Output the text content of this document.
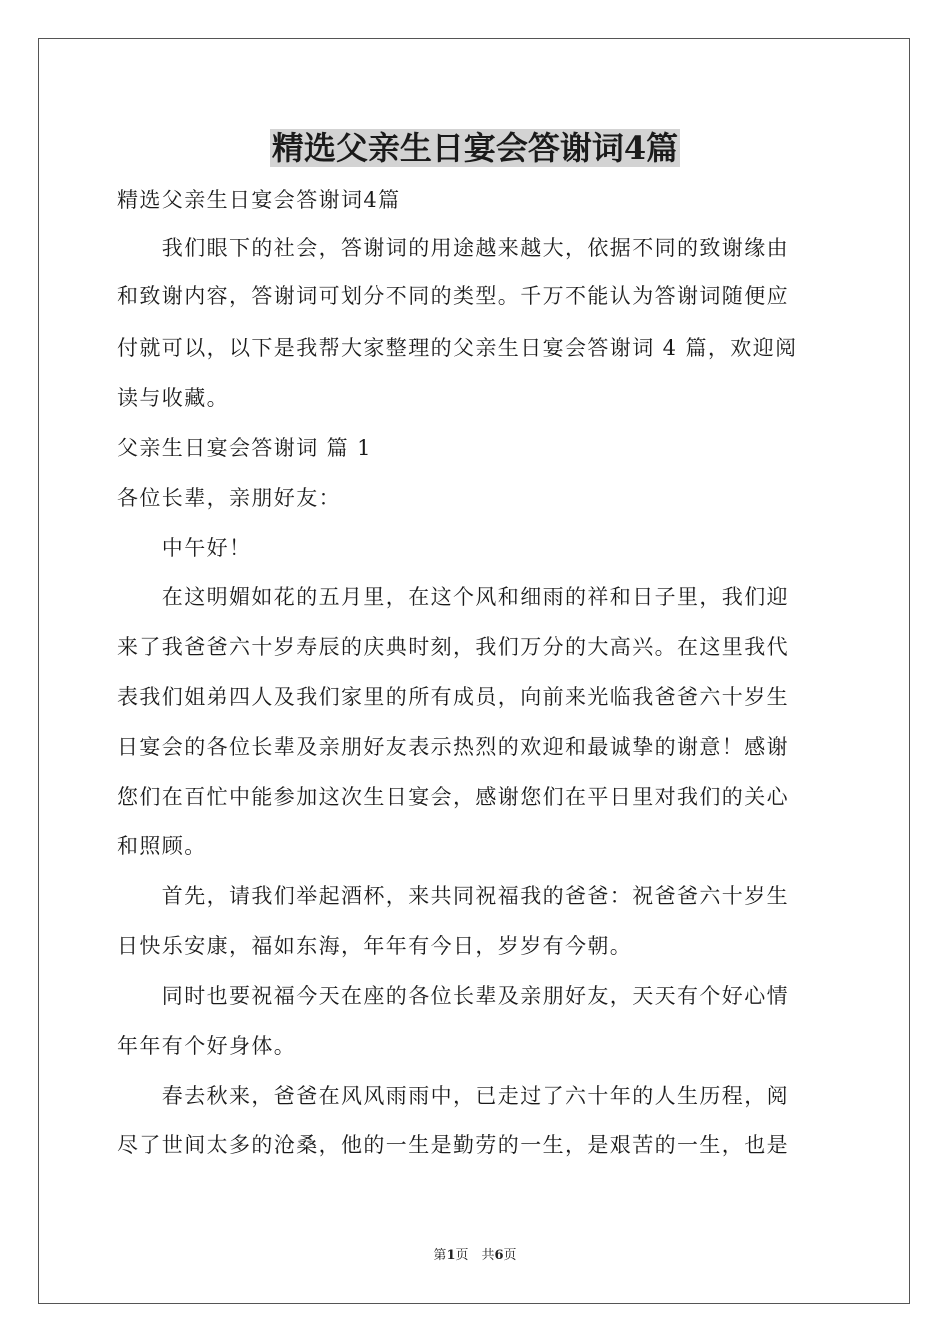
精选父亲生日宴会答谢词4篇
精选父亲生日宴会答谢词4篇
　　我们眼下的社会，答谢词的用途越来越大，依据不同的致谢缘由
和致谢内容，答谢词可划分不同的类型。千万不能认为答谢词随便应
付就可以，以下是我帮大家整理的父亲生日宴会答谢词 4 篇，欢迎阅
读与收藏。
父亲生日宴会答谢词 篇 1
各位长辈，亲朋好友：
　　中午好！
　　在这明媚如花的五月里，在这个风和细雨的祥和日子里，我们迎
来了我爸爸六十岁寿辰的庆典时刻，我们万分的大高兴。在这里我代
表我们姐弟四人及我们家里的所有成员，向前来光临我爸爸六十岁生
日宴会的各位长辈及亲朋好友表示热烈的欢迎和最诚挚的谢意！感谢
您们在百忙中能参加这次生日宴会，感谢您们在平日里对我们的关心
和照顾。
　　首先，请我们举起酒杯，来共同祝福我的爸爸：祝爸爸六十岁生
日快乐安康，福如东海，年年有今日，岁岁有今朝。
　　同时也要祝福今天在座的各位长辈及亲朋好友，天天有个好心情
年年有个好身体。
　　春去秋来，爸爸在风风雨雨中，已走过了六十年的人生历程，阅
尽了世间太多的沧桑，他的一生是勤劳的一生，是艰苦的一生，也是
第1页　共6页
